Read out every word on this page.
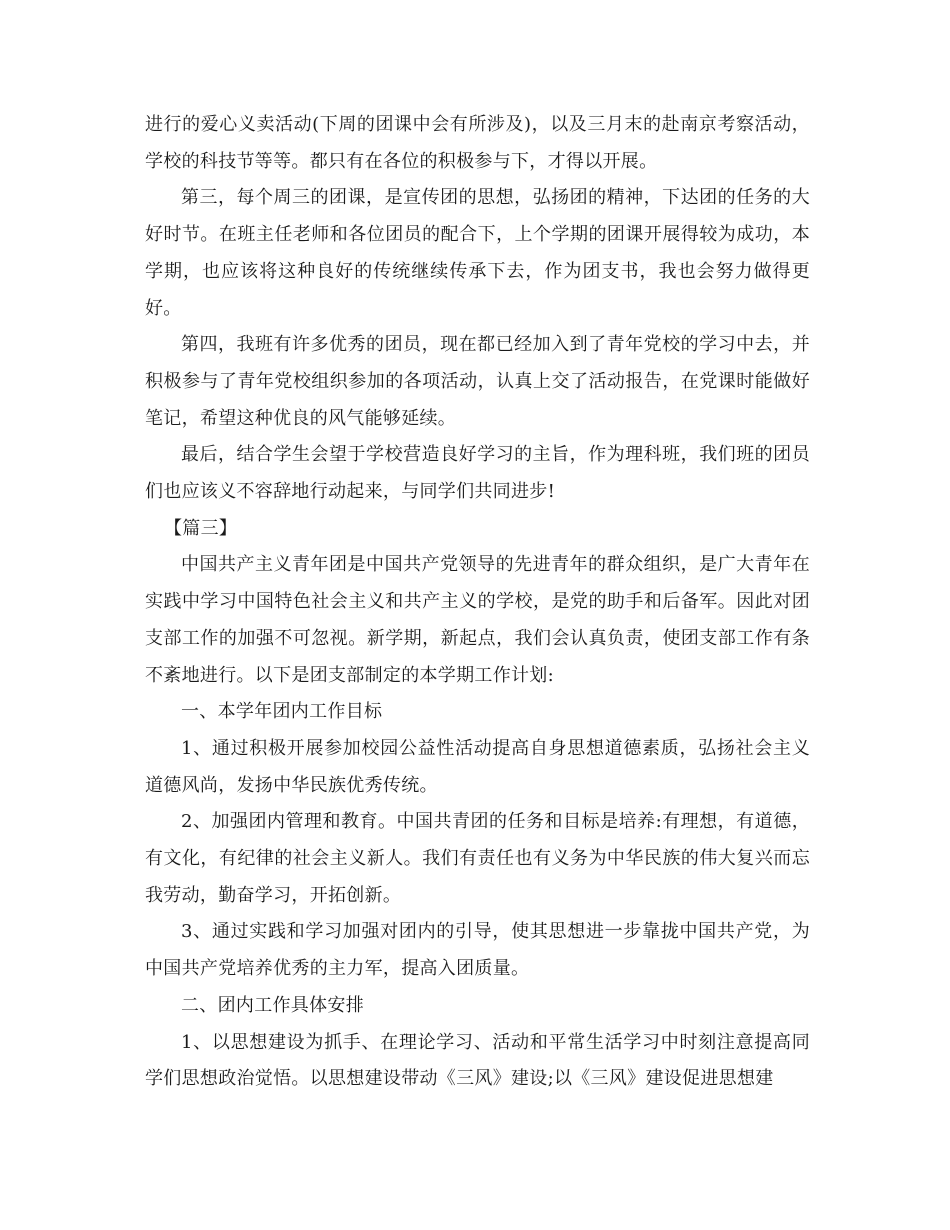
进行的爱心义卖活动(下周的团课中会有所涉及)，以及三月末的赴南京考察活动，学校的科技节等等。都只有在各位的积极参与下，才得以开展。

第三，每个周三的团课，是宣传团的思想，弘扬团的精神，下达团的任务的大好时节。在班主任老师和各位团员的配合下，上个学期的团课开展得较为成功，本学期，也应该将这种良好的传统继续传承下去，作为团支书，我也会努力做得更好。

第四，我班有许多优秀的团员，现在都已经加入到了青年党校的学习中去，并积极参与了青年党校组织参加的各项活动，认真上交了活动报告，在党课时能做好笔记，希望这种优良的风气能够延续。

最后，结合学生会望于学校营造良好学习的主旨，作为理科班，我们班的团员们也应该义不容辞地行动起来，与同学们共同进步!

【篇三】

中国共产主义青年团是中国共产党领导的先进青年的群众组织，是广大青年在实践中学习中国特色社会主义和共产主义的学校，是党的助手和后备军。因此对团支部工作的加强不可忽视。新学期，新起点，我们会认真负责，使团支部工作有条不紊地进行。以下是团支部制定的本学期工作计划:

一、本学年团内工作目标

1、通过积极开展参加校园公益性活动提高自身思想道德素质，弘扬社会主义道德风尚，发扬中华民族优秀传统。

2、加强团内管理和教育。中国共青团的任务和目标是培养:有理想，有道德，有文化，有纪律的社会主义新人。我们有责任也有义务为中华民族的伟大复兴而忘我劳动，勤奋学习，开拓创新。

3、通过实践和学习加强对团内的引导，使其思想进一步靠拢中国共产党，为中国共产党培养优秀的主力军，提高入团质量。

二、团内工作具体安排

1、以思想建设为抓手、在理论学习、活动和平常生活学习中时刻注意提高同学们思想政治觉悟。以思想建设带动《三风》建设;以《三风》建设促进思想建
